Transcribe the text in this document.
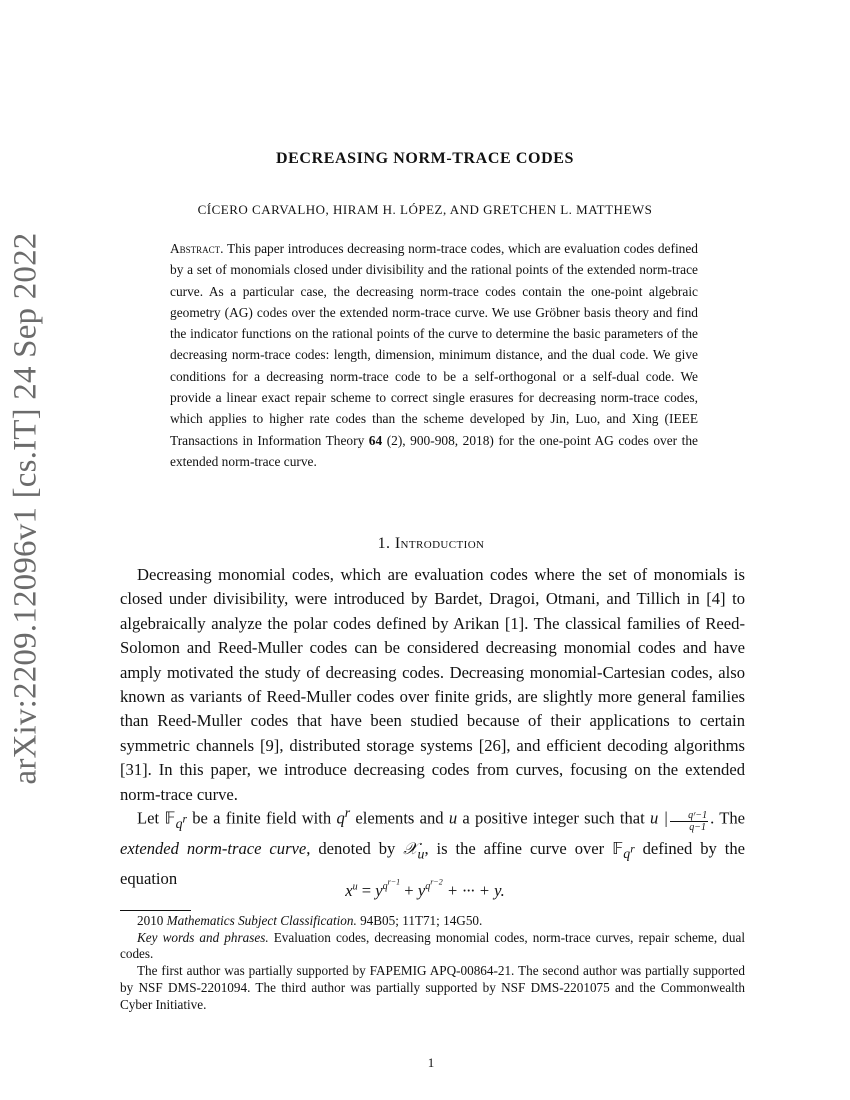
arXiv:2209.12096v1 [cs.IT] 24 Sep 2022
DECREASING NORM-TRACE CODES
CÍCERO CARVALHO, HIRAM H. LÓPEZ, AND GRETCHEN L. MATTHEWS
Abstract. This paper introduces decreasing norm-trace codes, which are evaluation codes defined by a set of monomials closed under divisibility and the rational points of the extended norm-trace curve. As a particular case, the decreasing norm-trace codes contain the one-point algebraic geometry (AG) codes over the extended norm-trace curve. We use Gröbner basis theory and find the indicator functions on the rational points of the curve to determine the basic parameters of the decreasing norm-trace codes: length, dimension, minimum distance, and the dual code. We give conditions for a decreasing norm-trace code to be a self-orthogonal or a self-dual code. We provide a linear exact repair scheme to correct single erasures for decreasing norm-trace codes, which applies to higher rate codes than the scheme developed by Jin, Luo, and Xing (IEEE Transactions in Information Theory 64 (2), 900-908, 2018) for the one-point AG codes over the extended norm-trace curve.
1. Introduction

Decreasing monomial codes, which are evaluation codes where the set of monomials is closed under divisibility, were introduced by Bardet, Dragoi, Otmani, and Tillich in [4] to algebraically analyze the polar codes defined by Arikan [1]. The classical families of Reed-Solomon and Reed-Muller codes can be considered decreasing monomial codes and have amply motivated the study of decreasing codes. Decreasing monomial-Cartesian codes, also known as variants of Reed-Muller codes over finite grids, are slightly more general families than Reed-Muller codes that have been studied because of their applications to certain symmetric channels [9], distributed storage systems [26], and efficient decoding algorithms [31]. In this paper, we introduce decreasing codes from curves, focusing on the extended norm-trace curve.

Let 𝔽$_{q^r}$ be a finite field with $q^r$ elements and u a positive integer such that u | $\frac{\text{qʳ−1}}{q-1}$ . The extended norm-trace curve, denoted by 𝒳$_u$, is the affine curve over 𝔽$_{q^r}$ defined by the equation

$x^u = y^{q^{r-1}} + y^{q^{r-2}}$ + ··· + y.

2010 Mathematics Subject Classification. 94B05; 11T71; 14G50.

Key words and phrases. Evaluation codes, decreasing monomial codes, norm-trace curves, repair scheme, dual codes.

The first author was partially supported by FAPEMIG APQ-00864-21. The second author was partially supported by NSF DMS-2201094. The third author was partially supported by NSF DMS-2201075 and the Commonwealth Cyber Initiative.

1
